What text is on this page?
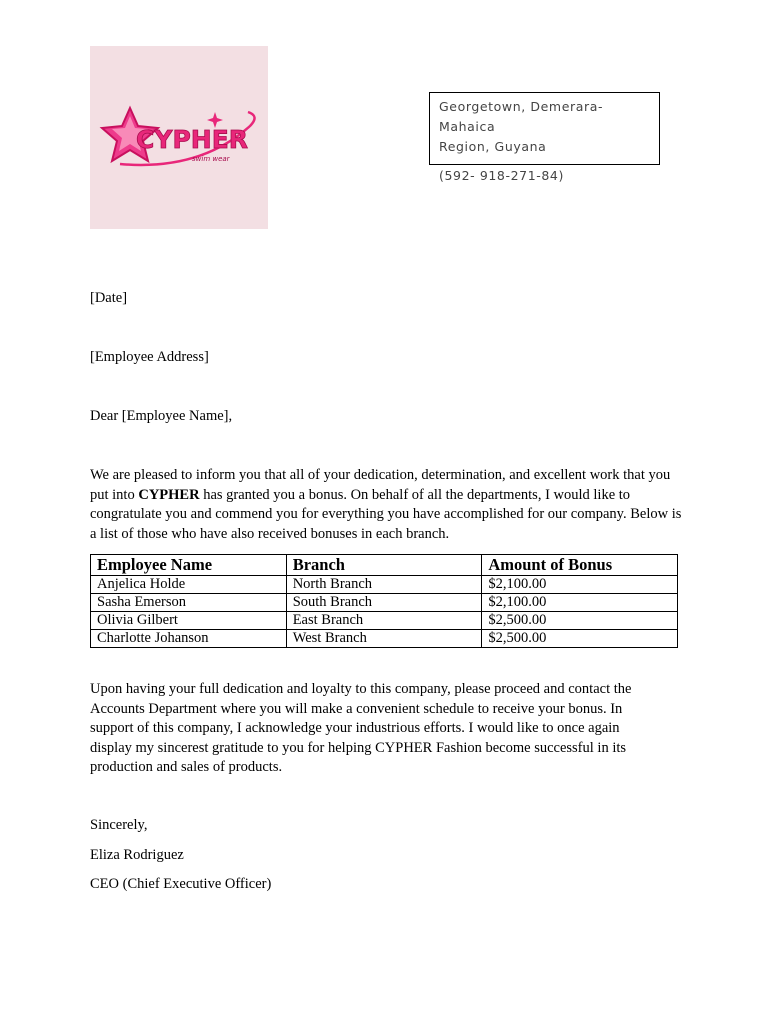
CYPHER
swim wear
Georgetown, Demerara-Mahaica
Region, Guyana
(592- 918-271-84)
[Date]
[Employee Address]
Dear [Employee Name],
We are pleased to inform you that all of your dedication, determination, and excellent work that you put into CYPHER has granted you a bonus. On behalf of all the departments, I would like to congratulate you and commend you for everything you have accomplished for our company. Below is a list of those who have also received bonuses in each branch.
Employee Name	Branch	Amount of Bonus
Anjelica Holde	North Branch	$2,100.00
Sasha Emerson	South Branch	$2,100.00
Olivia Gilbert	East Branch	$2,500.00
Charlotte Johanson	West Branch	$2,500.00
Upon having your full dedication and loyalty to this company, please proceed and contact the Accounts Department where you will make a convenient schedule to receive your bonus. In support of this company, I acknowledge your industrious efforts. I would like to once again display my sincerest gratitude to you for helping CYPHER Fashion become successful in its production and sales of products.
Sincerely,
Eliza Rodriguez
CEO (Chief Executive Officer)
